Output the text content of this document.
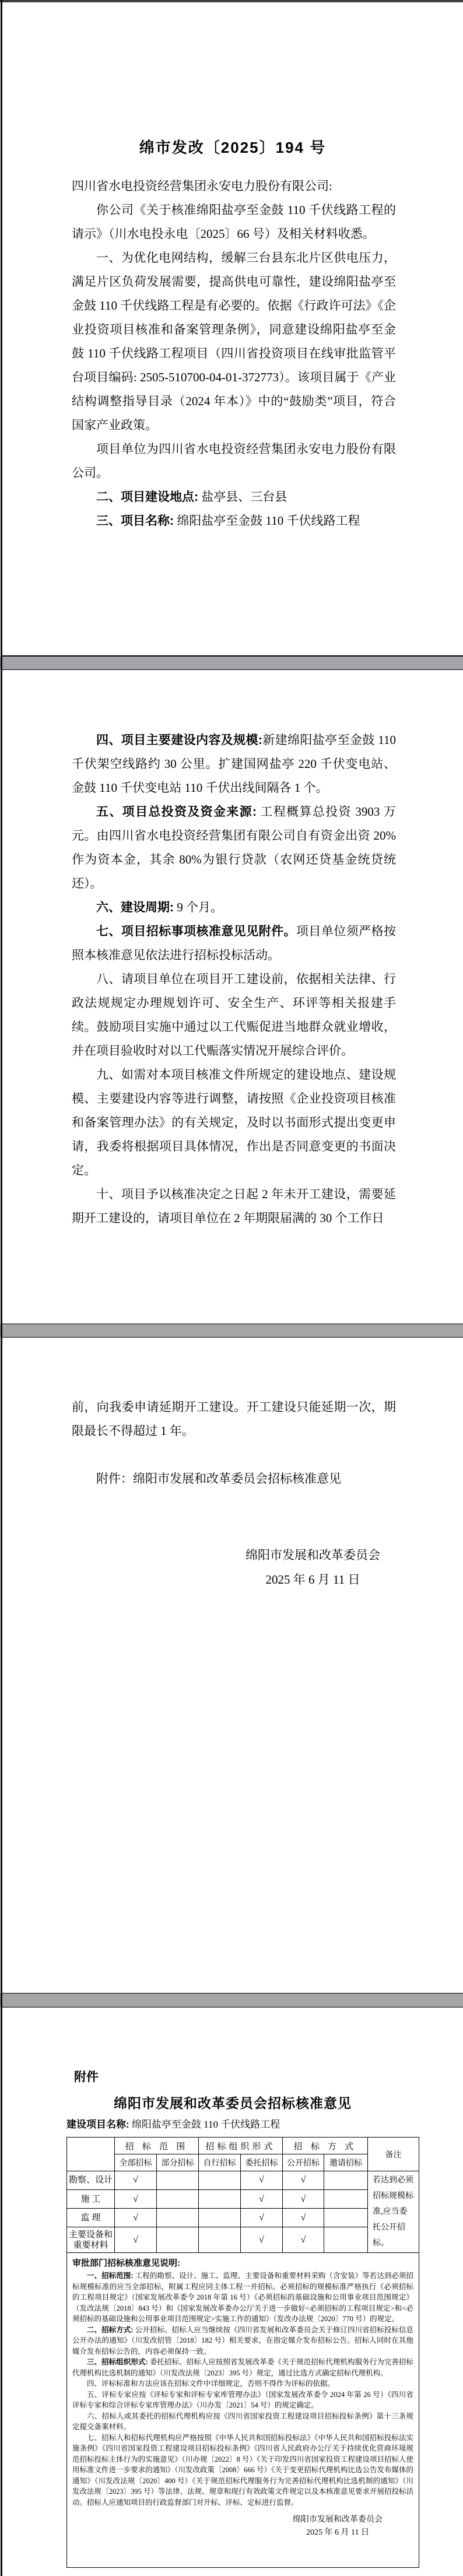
绵市发改〔2025〕194 号

四川省水电投资经营集团永安电力股份有限公司:

你公司《关于核准绵阳盐亭至金鼓 110 千伏线路工程的请示》（川水电投永电〔2025〕66 号）及相关材料收悉。

一、为优化电网结构，缓解三台县东北片区供电压力，满足片区负荷发展需要，提高供电可靠性，建设绵阳盐亭至金鼓 110 千伏线路工程是有必要的。依据《行政许可法》《企业投资项目核准和备案管理条例》，同意建设绵阳盐亭至金鼓 110 千伏线路工程项目（四川省投资项目在线审批监管平台项目编码: 2505-510700-04-01-372773）。该项目属于《产业结构调整指导目录（2024 年本）》中的“鼓励类”项目，符合国家产业政策。

项目单位为四川省水电投资经营集团永安电力股份有限公司。

二、项目建设地点: 盐亭县、三台县

三、项目名称: 绵阳盐亭至金鼓 110 千伏线路工程

四、项目主要建设内容及规模:新建绵阳盐亭至金鼓 110 千伏架空线路约 30 公里。扩建国网盐亭 220 千伏变电站、金鼓 110 千伏变电站 110 千伏出线间隔各 1 个。

五、项目总投资及资金来源: 工程概算总投资 3903 万元。由四川省水电投资经营集团有限公司自有资金出资 20%作为资本金，其余 80%为银行贷款（农网还贷基金统贷统还）。

六、建设周期: 9 个月。

七、项目招标事项核准意见见附件。项目单位须严格按照本核准意见依法进行招标投标活动。

八、请项目单位在项目开工建设前，依据相关法律、行政法规规定办理规划许可、安全生产、环评等相关报建手续。鼓励项目实施中通过以工代赈促进当地群众就业增收，并在项目验收时对以工代赈落实情况开展综合评价。

九、如需对本项目核准文件所规定的建设地点、建设规模、主要建设内容等进行调整，请按照《企业投资项目核准和备案管理办法》的有关规定，及时以书面形式提出变更申请，我委将根据项目具体情况，作出是否同意变更的书面决定。

十、项目予以核准决定之日起 2 年未开工建设，需要延期开工建设的，请项目单位在 2 年期限届满的 30 个工作日

前，向我委申请延期开工建设。开工建设只能延期一次，期限最长不得超过 1 年。

附件：绵阳市发展和改革委员会招标核准意见

绵阳市发展和改革委员会
2025 年 6 月 11 日
附件
绵阳市发展和改革委员会招标核准意见
建设项目名称: 绵阳盐亭至金鼓 110 千伏线路工程
	招 标 范 围		招标组织形式		招 标 方 式		备注
	全部招标	部分招标	自行招标	委托招标	公开招标	邀请招标	
勘察、设计	√			√	√		若达到必须招标规模标准,应当委托公开招标。
施 工	√			√	√		
监 理	√			√	√		
主要设备和重要材料	√			√	√		

审批部门招标核准意见说明:

一、招标范围: 工程的勘察、设计、施工、监理、主要设备和重要材料采购（含安装）等若达到必须招标规模标准的应当全部招标，附属工程应同主体工程一并招标。必须招标的规模标准严格执行《必须招标的工程项目规定》（国家发展改革委令 2018 年第 16 号）《必须招标的基础设施和公用事业项目范围规定》（发改法规〔2018〕843 号）和《国家发展改革委办公厅关于进一步做好<必须招标的工程项目规定>和<必须招标的基础设施和公用事业项目范围规定>实施工作的通知》（发改办法规〔2020〕770 号）的规定。

二、招标方式: 公开招标。招标人应当继续按《四川省发展和改革委员会关于修订四川省招标投标信息公开办法的通知》（川发改招管〔2018〕182 号）相关要求，在指定媒介发布招标公告。招标人同时在其他媒介发布招标公告的，内容必须保持一致。

三、招标组织形式: 委托招标。招标人应按照省发展改革委《关于规范招标代理机构服务行为完善招标代理机构比选机制的通知》（川发改法规〔2023〕395 号）规定，通过比选方式确定招标代理机构。

四、评标标准和方法应该在招标文件中详细规定，否则不得作为评标的依据。

五、评标专家应按《评标专家和评标专家库管理办法》（国家发展改革委令 2024 年第 26 号）《四川省评标专家和综合评标专家库管理办法》（川办发〔2021〕54 号）的规定确定。

六、招标人或其委托的招标代理机构应按《四川省国家投资工程建设项目招标投标条例》第十三条规定提交备案材料。

七、招标人和招标代理机构应严格按照《中华人民共和国招标投标法》《中华人民共和国招标投标法实施条例》《四川省国家投资工程建设项目招标投标条例》《四川省人民政府办公厅关于持续优化营商环境规范招标投标主体行为的实施意见》（川办规〔2022〕8 号）《关于印发四川省国家投资工程建设项目招标人使用标准文件进一步要求的通知》（川发改政策〔2008〕666 号）《关于变更招标代理机构比选公告发布媒体的通知》（川发改法规〔2020〕400 号）《关于规范招标代理服务行为完善招标代理机构比选机制的通知》（川发改法规〔2023〕395 号）等法律、法规、规章和现行有效政策文件规定以及本核准意见要求开展招投标活动。招标人应通知项目的行政监督部门对开标、评标、定标进行监督。

绵阳市发展和改革委员会
2025 年 6 月 11 日
